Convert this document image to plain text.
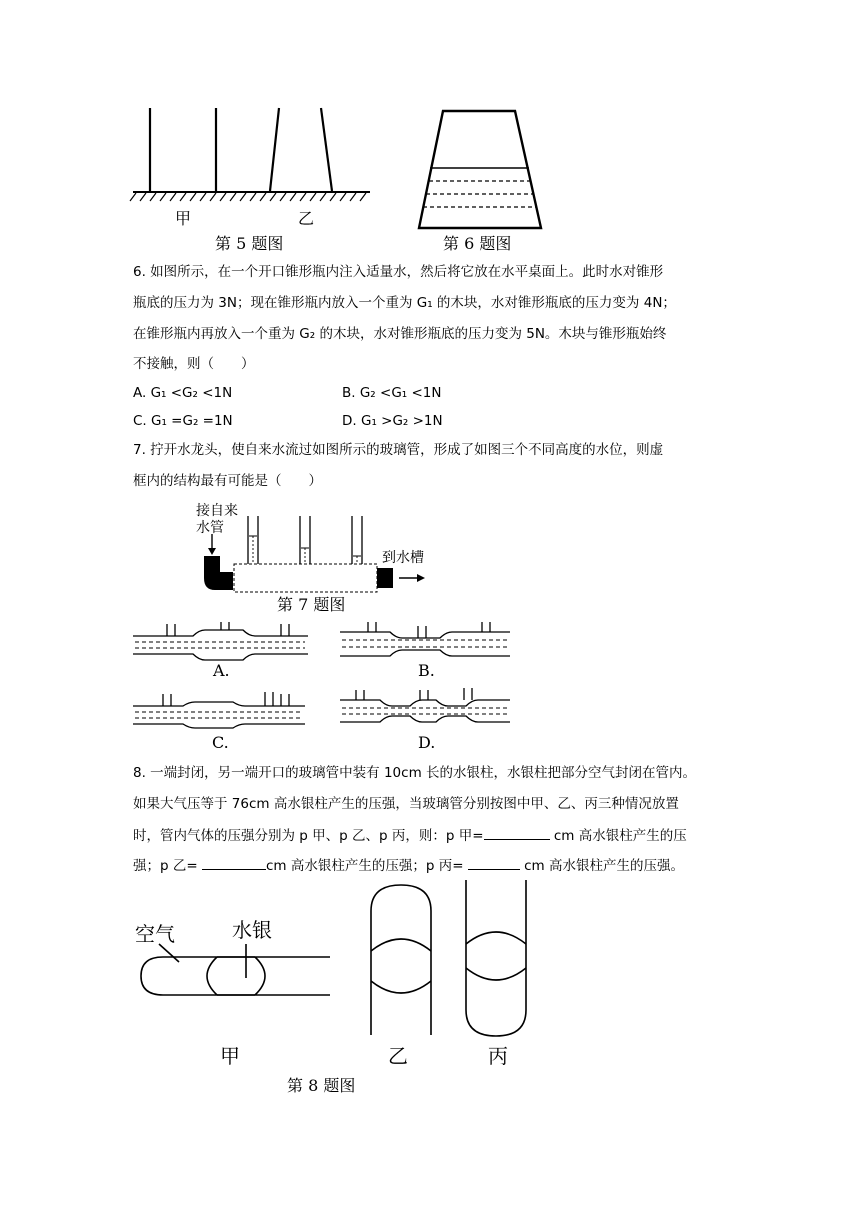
甲	乙
第 5 题图	第 6 题图
6. 如图所示，在一个开口锥形瓶内注入适量水，然后将它放在水平桌面上。此时水对锥形
瓶底的压力为 3N；现在锥形瓶内放入一个重为 G₁ 的木块，水对锥形瓶底的压力变为 4N；
在锥形瓶内再放入一个重为 G₂ 的木块，水对锥形瓶底的压力变为 5N。木块与锥形瓶始终
不接触，则（　　）
A. G₁ <G₂ <1N	B. G₂ <G₁ <1N
C. G₁ =G₂ =1N	D. G₁ >G₂ >1N
7. 拧开水龙头，使自来水流过如图所示的玻璃管，形成了如图三个不同高度的水位，则虚
框内的结构最有可能是（　　）
接自来
水管
到水槽
第 7 题图
A.	B.
C.	D.
8. 一端封闭，另一端开口的玻璃管中装有 10cm 长的水银柱，水银柱把部分空气封闭在管内。
如果大气压等于 76cm 高水银柱产生的压强，当玻璃管分别按图中甲、乙、丙三种情况放置
时，管内气体的压强分别为 p 甲、p 乙、p 丙，则：p 甲=	cm 高水银柱产生的压
强；p 乙=	cm 高水银柱产生的压强；p 丙=	cm 高水银柱产生的压强。
空气	水银
甲	乙	丙
第 8 题图
